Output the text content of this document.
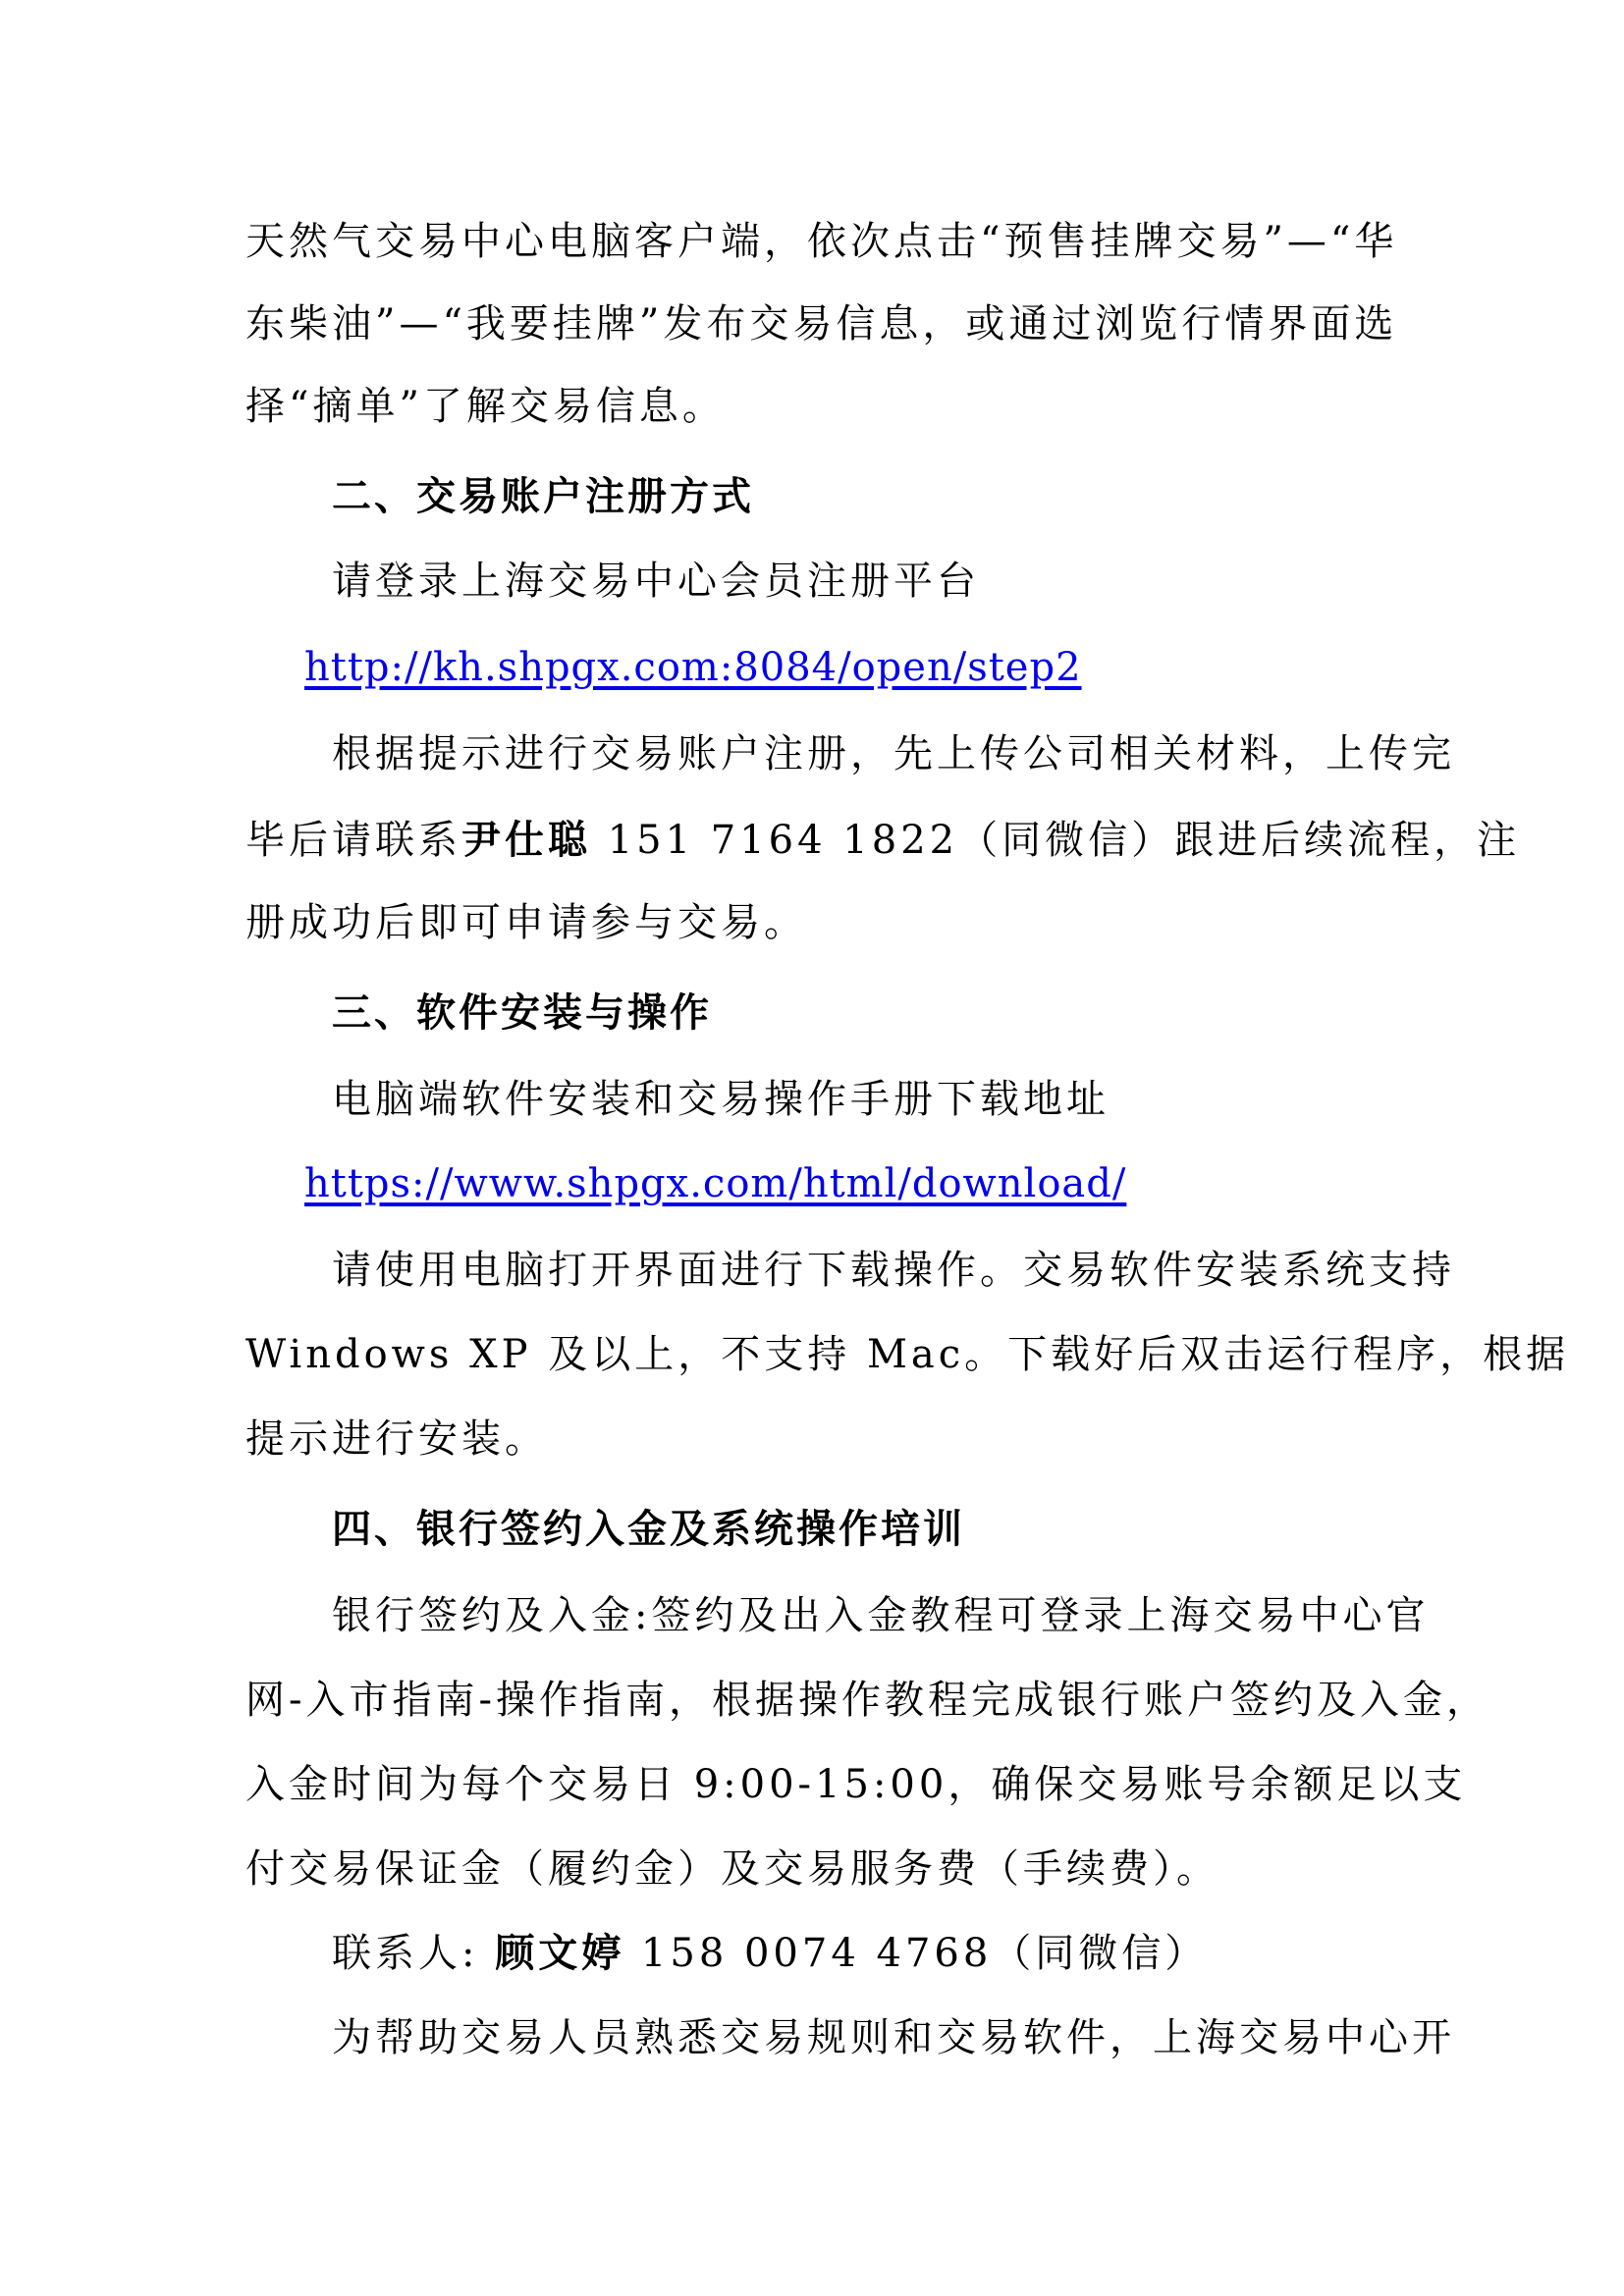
天然气交易中心电脑客户端，依次点击“预售挂牌交易”—“华
东柴油”—“我要挂牌”发布交易信息，或通过浏览行情界面选
择“摘单”了解交易信息。
二、交易账户注册方式
请登录上海交易中心会员注册平台
http://kh.shpgx.com:8084/open/step2
根据提示进行交易账户注册，先上传公司相关材料，上传完
毕后请联系尹仕聪 151 7164 1822（同微信）跟进后续流程，注
册成功后即可申请参与交易。
三、软件安装与操作
电脑端软件安装和交易操作手册下载地址
https://www.shpgx.com/html/download/
请使用电脑打开界面进行下载操作。交易软件安装系统支持
Windows XP 及以上，不支持 Mac。下载好后双击运行程序，根据
提示进行安装。
四、银行签约入金及系统操作培训
银行签约及入金:签约及出入金教程可登录上海交易中心官
网-入市指南-操作指南，根据操作教程完成银行账户签约及入金，
入金时间为每个交易日 9:00-15:00，确保交易账号余额足以支
付交易保证金（履约金）及交易服务费（手续费）。
联系人: 顾文婷 158 0074 4768（同微信）
为帮助交易人员熟悉交易规则和交易软件，上海交易中心开
